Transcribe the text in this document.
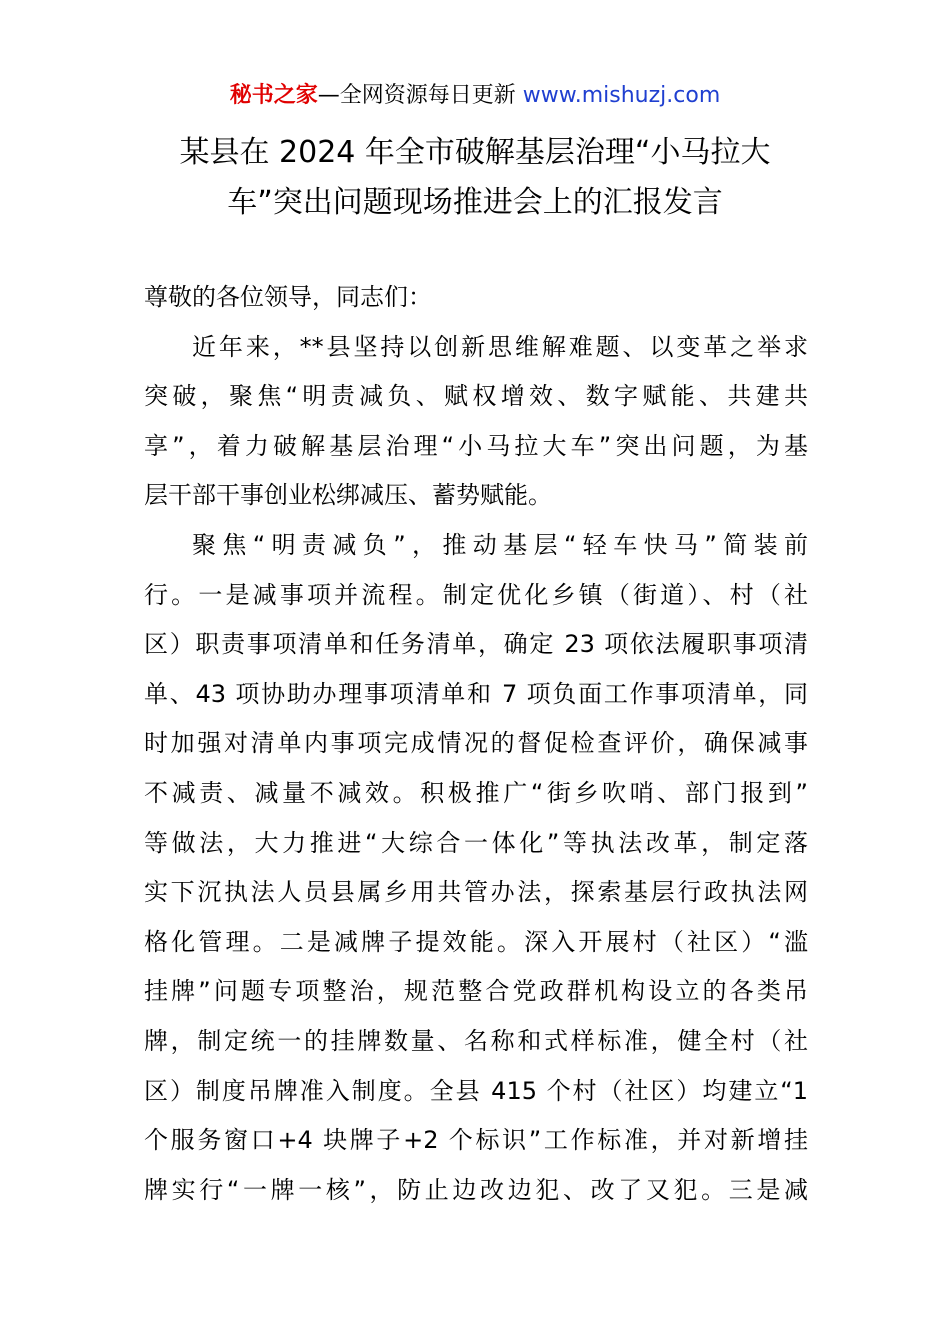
秘书之家—全网资源每日更新 www.mishuzj.com
某县在 2024 年全市破解基层治理“小马拉大
车”突出问题现场推进会上的汇报发言
尊敬的各位领导，同志们：
近年来，**县坚持以创新思维解难题、以变革之举求
突破，聚焦“明责减负、赋权增效、数字赋能、共建共
享”，着力破解基层治理“小马拉大车”突出问题，为基
层干部干事创业松绑减压、蓄势赋能。
聚焦“明责减负”，推动基层“轻车快马”简装前
行。一是减事项并流程。制定优化乡镇（街道）、村（社
区）职责事项清单和任务清单，确定 23 项依法履职事项清
单、43 项协助办理事项清单和 7 项负面工作事项清单，同
时加强对清单内事项完成情况的督促检查评价，确保减事
不减责、减量不减效。积极推广“街乡吹哨、部门报到”
等做法，大力推进“大综合一体化”等执法改革，制定落
实下沉执法人员县属乡用共管办法，探索基层行政执法网
格化管理。二是减牌子提效能。深入开展村（社区）“滥
挂牌”问题专项整治，规范整合党政群机构设立的各类吊
牌，制定统一的挂牌数量、名称和式样标准，健全村（社
区）制度吊牌准入制度。全县 415 个村（社区）均建立“1
个服务窗口+4 块牌子+2 个标识”工作标准，并对新增挂
牌实行“一牌一核”，防止边改边犯、改了又犯。三是减
